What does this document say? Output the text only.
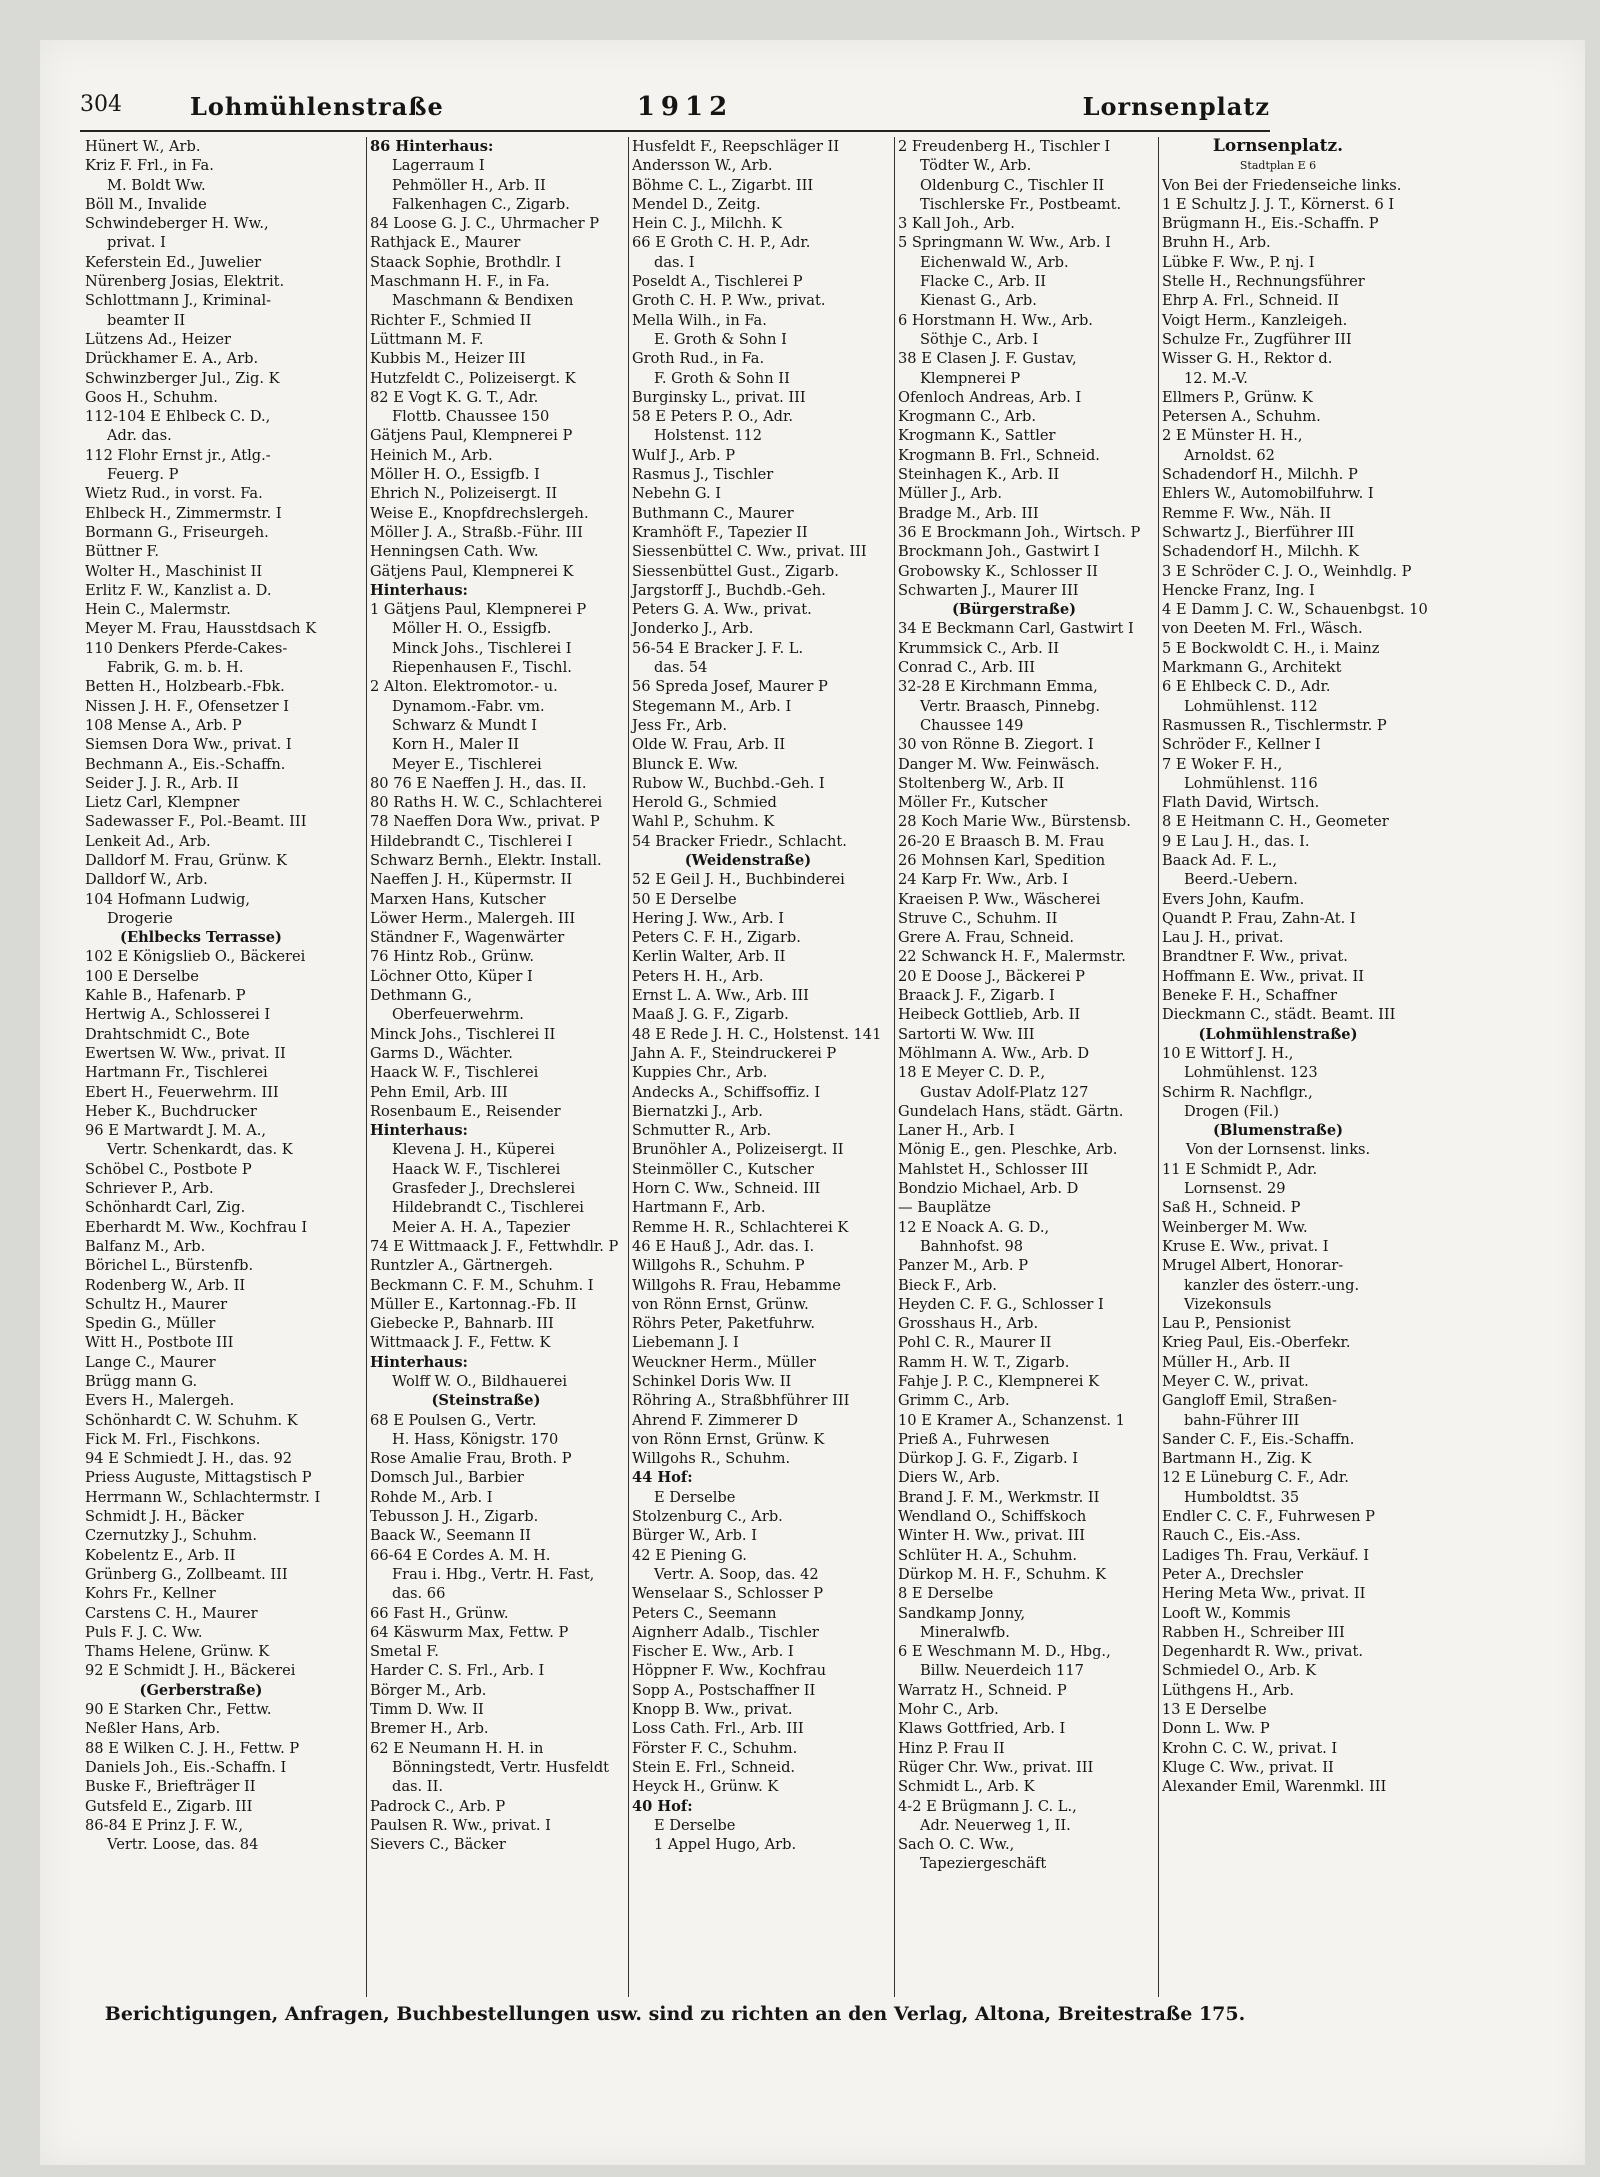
304	Lohmühlenstraße	1912	Lornsenplatz
Hünert W., Arb.
Kriz F. Frl., in Fa.
M. Boldt Ww.
Böll M., Invalide
Schwindeberger H. Ww.,
privat. I
Keferstein Ed., Juwelier
Nürenberg Josias, Elektrit.
Schlottmann J., Kriminal-
beamter II
Lützens Ad., Heizer
Drückhamer E. A., Arb.
Schwinzberger Jul., Zig. K
Goos H., Schuhm.
112-104 E Ehlbeck C. D.,
Adr. das.
112 Flohr Ernst jr., Atlg.-
Feuerg. P
Wietz Rud., in vorst. Fa.
Ehlbeck H., Zimmermstr. I
Bormann G., Friseurgeh.
Büttner F.
Wolter H., Maschinist II
Erlitz F. W., Kanzlist a. D.
Hein C., Malermstr.
Meyer M. Frau, Hausstdsach K
110 Denkers Pferde-Cakes-
Fabrik, G. m. b. H.
Betten H., Holzbearb.-Fbk.
Nissen J. H. F., Ofensetzer I
108 Mense A., Arb. P
Siemsen Dora Ww., privat. I
Bechmann A., Eis.-Schaffn.
Seider J. J. R., Arb. II
Lietz Carl, Klempner
Sadewasser F., Pol.-Beamt. III
Lenkeit Ad., Arb.
Dalldorf M. Frau, Grünw. K
Dalldorf W., Arb.
104 Hofmann Ludwig,
Drogerie
(Ehlbecks Terrasse)
102 E Königslieb O., Bäckerei
100 E Derselbe
Kahle B., Hafenarb. P
Hertwig A., Schlosserei I
Drahtschmidt C., Bote
Ewertsen W. Ww., privat. II
Hartmann Fr., Tischlerei
Ebert H., Feuerwehrm. III
Heber K., Buchdrucker
96 E Martwardt J. M. A.,
Vertr. Schenkardt, das. K
Schöbel C., Postbote P
Schriever P., Arb.
Schönhardt Carl, Zig.
Eberhardt M. Ww., Kochfrau I
Balfanz M., Arb.
Börichel L., Bürstenfb.
Rodenberg W., Arb. II
Schultz H., Maurer
Spedin G., Müller
Witt H., Postbote III
Lange C., Maurer
Brügg mann G.
Evers H., Malergeh.
Schönhardt C. W. Schuhm. K
Fick M. Frl., Fischkons.
94 E Schmiedt J. H., das. 92
Priess Auguste, Mittagstisch P
Herrmann W., Schlachtermstr. I
Schmidt J. H., Bäcker
Czernutzky J., Schuhm.
Kobelentz E., Arb. II
Grünberg G., Zollbeamt. III
Kohrs Fr., Kellner
Carstens C. H., Maurer
Puls F. J. C. Ww.
Thams Helene, Grünw. K
92 E Schmidt J. H., Bäckerei
(Gerberstraße)
90 E Starken Chr., Fettw.
Neßler Hans, Arb.
88 E Wilken C. J. H., Fettw. P
Daniels Joh., Eis.-Schaffn. I
Buske F., Briefträger II
Gutsfeld E., Zigarb. III
86-84 E Prinz J. F. W.,
Vertr. Loose, das. 84
86 Hinterhaus:
Lagerraum I
Pehmöller H., Arb. II
Falkenhagen C., Zigarb.
84 Loose G. J. C., Uhrmacher P
Rathjack E., Maurer
Staack Sophie, Brothdlr. I
Maschmann H. F., in Fa.
Maschmann & Bendixen
Richter F., Schmied II
Lüttmann M. F.
Kubbis M., Heizer III
Hutzfeldt C., Polizeisergt. K
82 E Vogt K. G. T., Adr.
Flottb. Chaussee 150
Gätjens Paul, Klempnerei P
Heinich M., Arb.
Möller H. O., Essigfb. I
Ehrich N., Polizeisergt. II
Weise E., Knopfdrechslergeh.
Möller J. A., Straßb.-Führ. III
Henningsen Cath. Ww.
Gätjens Paul, Klempnerei K
Hinterhaus:
1 Gätjens Paul, Klempnerei P
Möller H. O., Essigfb.
Minck Johs., Tischlerei I
Riepenhausen F., Tischl.
2 Alton. Elektromotor.- u.
Dynamom.-Fabr. vm.
Schwarz & Mundt I
Korn H., Maler II
Meyer E., Tischlerei
80 76 E Naeffen J. H., das. II.
80 Raths H. W. C., Schlachterei
78 Naeffen Dora Ww., privat. P
Hildebrandt C., Tischlerei I
Schwarz Bernh., Elektr. Install.
Naeffen J. H., Küpermstr. II
Marxen Hans, Kutscher
Löwer Herm., Malergeh. III
Ständner F., Wagenwärter
76 Hintz Rob., Grünw.
Löchner Otto, Küper I
Dethmann G.,
Oberfeuerwehrm.
Minck Johs., Tischlerei II
Garms D., Wächter.
Haack W. F., Tischlerei
Pehn Emil, Arb. III
Rosenbaum E., Reisender
Hinterhaus:
Klevena J. H., Küperei
Haack W. F., Tischlerei
Grasfeder J., Drechslerei
Hildebrandt C., Tischlerei
Meier A. H. A., Tapezier
74 E Wittmaack J. F., Fettwhdlr. P
Runtzler A., Gärtnergeh.
Beckmann C. F. M., Schuhm. I
Müller E., Kartonnag.-Fb. II
Giebecke P., Bahnarb. III
Wittmaack J. F., Fettw. K
Hinterhaus:
Wolff W. O., Bildhauerei
(Steinstraße)
68 E Poulsen G., Vertr.
H. Hass, Königstr. 170
Rose Amalie Frau, Broth. P
Domsch Jul., Barbier
Rohde M., Arb. I
Tebusson J. H., Zigarb.
Baack W., Seemann II
66-64 E Cordes A. M. H.
Frau i. Hbg., Vertr. H. Fast,
das. 66
66 Fast H., Grünw.
64 Käswurm Max, Fettw. P
Smetal F.
Harder C. S. Frl., Arb. I
Börger M., Arb.
Timm D. Ww. II
Bremer H., Arb.
62 E Neumann H. H. in
Bönningstedt, Vertr. Husfeldt
das. II.
Padrock C., Arb. P
Paulsen R. Ww., privat. I
Sievers C., Bäcker
Husfeldt F., Reepschläger II
Andersson W., Arb.
Böhme C. L., Zigarbt. III
Mendel D., Zeitg.
Hein C. J., Milchh. K
66 E Groth C. H. P., Adr.
das. I
Poseldt A., Tischlerei P
Groth C. H. P. Ww., privat.
Mella Wilh., in Fa.
E. Groth & Sohn I
Groth Rud., in Fa.
F. Groth & Sohn II
Burginsky L., privat. III
58 E Peters P. O., Adr.
Holstenst. 112
Wulf J., Arb. P
Rasmus J., Tischler
Nebehn G. I
Buthmann C., Maurer
Kramhöft F., Tapezier II
Siessenbüttel C. Ww., privat. III
Siessenbüttel Gust., Zigarb.
Jargstorff J., Buchdb.-Geh.
Peters G. A. Ww., privat.
Jonderko J., Arb.
56-54 E Bracker J. F. L.
das. 54
56 Spreda Josef, Maurer P
Stegemann M., Arb. I
Jess Fr., Arb.
Olde W. Frau, Arb. II
Blunck E. Ww.
Rubow W., Buchbd.-Geh. I
Herold G., Schmied
Wahl P., Schuhm. K
54 Bracker Friedr., Schlacht.
(Weidenstraße)
52 E Geil J. H., Buchbinderei
50 E Derselbe
Hering J. Ww., Arb. I
Peters C. F. H., Zigarb.
Kerlin Walter, Arb. II
Peters H. H., Arb.
Ernst L. A. Ww., Arb. III
Maaß J. G. F., Zigarb.
48 E Rede J. H. C., Holstenst. 141
Jahn A. F., Steindruckerei P
Kuppies Chr., Arb.
Andecks A., Schiffsoffiz. I
Biernatzki J., Arb.
Schmutter R., Arb.
Brunöhler A., Polizeisergt. II
Steinmöller C., Kutscher
Horn C. Ww., Schneid. III
Hartmann F., Arb.
Remme H. R., Schlachterei K
46 E Hauß J., Adr. das. I.
Willgohs R., Schuhm. P
Willgohs R. Frau, Hebamme
von Rönn Ernst, Grünw.
Röhrs Peter, Paketfuhrw.
Liebemann J. I
Weuckner Herm., Müller
Schinkel Doris Ww. II
Röhring A., Straßbhführer III
Ahrend F. Zimmerer D
von Rönn Ernst, Grünw. K
Willgohs R., Schuhm.
44 Hof:
E Derselbe
Stolzenburg C., Arb.
Bürger W., Arb. I
42 E Piening G.
Vertr. A. Soop, das. 42
Wenselaar S., Schlosser P
Peters C., Seemann
Aignherr Adalb., Tischler
Fischer E. Ww., Arb. I
Höppner F. Ww., Kochfrau
Sopp A., Postschaffner II
Knopp B. Ww., privat.
Loss Cath. Frl., Arb. III
Förster F. C., Schuhm.
Stein E. Frl., Schneid.
Heyck H., Grünw. K
40 Hof:
E Derselbe
1 Appel Hugo, Arb.
2 Freudenberg H., Tischler I
Tödter W., Arb.
Oldenburg C., Tischler II
Tischlerske Fr., Postbeamt.
3 Kall Joh., Arb.
5 Springmann W. Ww., Arb. I
Eichenwald W., Arb.
Flacke C., Arb. II
Kienast G., Arb.
6 Horstmann H. Ww., Arb.
Söthje C., Arb. I
38 E Clasen J. F. Gustav,
Klempnerei P
Ofenloch Andreas, Arb. I
Krogmann C., Arb.
Krogmann K., Sattler
Krogmann B. Frl., Schneid.
Steinhagen K., Arb. II
Müller J., Arb.
Bradge M., Arb. III
36 E Brockmann Joh., Wirtsch. P
Brockmann Joh., Gastwirt I
Grobowsky K., Schlosser II
Schwarten J., Maurer III
(Bürgerstraße)
34 E Beckmann Carl, Gastwirt I
Krummsick C., Arb. II
Conrad C., Arb. III
32-28 E Kirchmann Emma,
Vertr. Braasch, Pinnebg.
Chaussee 149
30 von Rönne B. Ziegort. I
Danger M. Ww. Feinwäsch.
Stoltenberg W., Arb. II
Möller Fr., Kutscher
28 Koch Marie Ww., Bürstensb.
26-20 E Braasch B. M. Frau
26 Mohnsen Karl, Spedition
24 Karp Fr. Ww., Arb. I
Kraeisen P. Ww., Wäscherei
Struve C., Schuhm. II
Grere A. Frau, Schneid.
22 Schwanck H. F., Malermstr.
20 E Doose J., Bäckerei P
Braack J. F., Zigarb. I
Heibeck Gottlieb, Arb. II
Sartorti W. Ww. III
Möhlmann A. Ww., Arb. D
18 E Meyer C. D. P.,
Gustav Adolf-Platz 127
Gundelach Hans, städt. Gärtn.
Laner H., Arb. I
Mönig E., gen. Pleschke, Arb.
Mahlstet H., Schlosser III
Bondzio Michael, Arb. D
— Bauplätze
12 E Noack A. G. D.,
Bahnhofst. 98
Panzer M., Arb. P
Bieck F., Arb.
Heyden C. F. G., Schlosser I
Grosshaus H., Arb.
Pohl C. R., Maurer II
Ramm H. W. T., Zigarb.
Fahje J. P. C., Klempnerei K
Grimm C., Arb.
10 E Kramer A., Schanzenst. 1
Prieß A., Fuhrwesen
Dürkop J. G. F., Zigarb. I
Diers W., Arb.
Brand J. F. M., Werkmstr. II
Wendland O., Schiffskoch
Winter H. Ww., privat. III
Schlüter H. A., Schuhm.
Dürkop M. H. F., Schuhm. K
8 E Derselbe
Sandkamp Jonny,
Mineralwfb.
6 E Weschmann M. D., Hbg.,
Billw. Neuerdeich 117
Warratz H., Schneid. P
Mohr C., Arb.
Klaws Gottfried, Arb. I
Hinz P. Frau II
Rüger Chr. Ww., privat. III
Schmidt L., Arb. K
4-2 E Brügmann J. C. L.,
Adr. Neuerweg 1, II.
Sach O. C. Ww.,
Tapeziergeschäft
Lornsenplatz.
Stadtplan E 6
Von Bei der Friedenseiche links.
1 E Schultz J. J. T., Körnerst. 6 I
Brügmann H., Eis.-Schaffn. P
Bruhn H., Arb.
Lübke F. Ww., P. nj. I
Stelle H., Rechnungsführer
Ehrp A. Frl., Schneid. II
Voigt Herm., Kanzleigeh.
Schulze Fr., Zugführer III
Wisser G. H., Rektor d.
12. M.-V.
Ellmers P., Grünw. K
Petersen A., Schuhm.
2 E Münster H. H.,
Arnoldst. 62
Schadendorf H., Milchh. P
Ehlers W., Automobilfuhrw. I
Remme F. Ww., Näh. II
Schwartz J., Bierführer III
Schadendorf H., Milchh. K
3 E Schröder C. J. O., Weinhdlg. P
Hencke Franz, Ing. I
4 E Damm J. C. W., Schauenbgst. 10
von Deeten M. Frl., Wäsch.
5 E Bockwoldt C. H., i. Mainz
Markmann G., Architekt
6 E Ehlbeck C. D., Adr.
Lohmühlenst. 112
Rasmussen R., Tischlermstr. P
Schröder F., Kellner I
7 E Woker F. H.,
Lohmühlenst. 116
Flath David, Wirtsch.
8 E Heitmann C. H., Geometer
9 E Lau J. H., das. I.
Baack Ad. F. L.,
Beerd.-Uebern.
Evers John, Kaufm.
Quandt P. Frau, Zahn-At. I
Lau J. H., privat.
Brandtner F. Ww., privat.
Hoffmann E. Ww., privat. II
Beneke F. H., Schaffner
Dieckmann C., städt. Beamt. III
(Lohmühlenstraße)
10 E Wittorf J. H.,
Lohmühlenst. 123
Schirm R. Nachflgr.,
Drogen (Fil.)
(Blumenstraße)
Von der Lornsenst. links.
11 E Schmidt P., Adr.
Lornsenst. 29
Saß H., Schneid. P
Weinberger M. Ww.
Kruse E. Ww., privat. I
Mrugel Albert, Honorar-
kanzler des österr.-ung.
Vizekonsuls
Lau P., Pensionist
Krieg Paul, Eis.-Oberfekr.
Müller H., Arb. II
Meyer C. W., privat.
Gangloff Emil, Straßen-
bahn-Führer III
Sander C. F., Eis.-Schaffn.
Bartmann H., Zig. K
12 E Lüneburg C. F., Adr.
Humboldtst. 35
Endler C. C. F., Fuhrwesen P
Rauch C., Eis.-Ass.
Ladiges Th. Frau, Verkäuf. I
Peter A., Drechsler
Hering Meta Ww., privat. II
Looft W., Kommis
Rabben H., Schreiber III
Degenhardt R. Ww., privat.
Schmiedel O., Arb. K
Lüthgens H., Arb.
13 E Derselbe
Donn L. Ww. P
Krohn C. C. W., privat. I
Kluge C. Ww., privat. II
Alexander Emil, Warenmkl. III
Berichtigungen, Anfragen, Buchbestellungen usw. sind zu richten an den Verlag, Altona, Breitestraße 175.
